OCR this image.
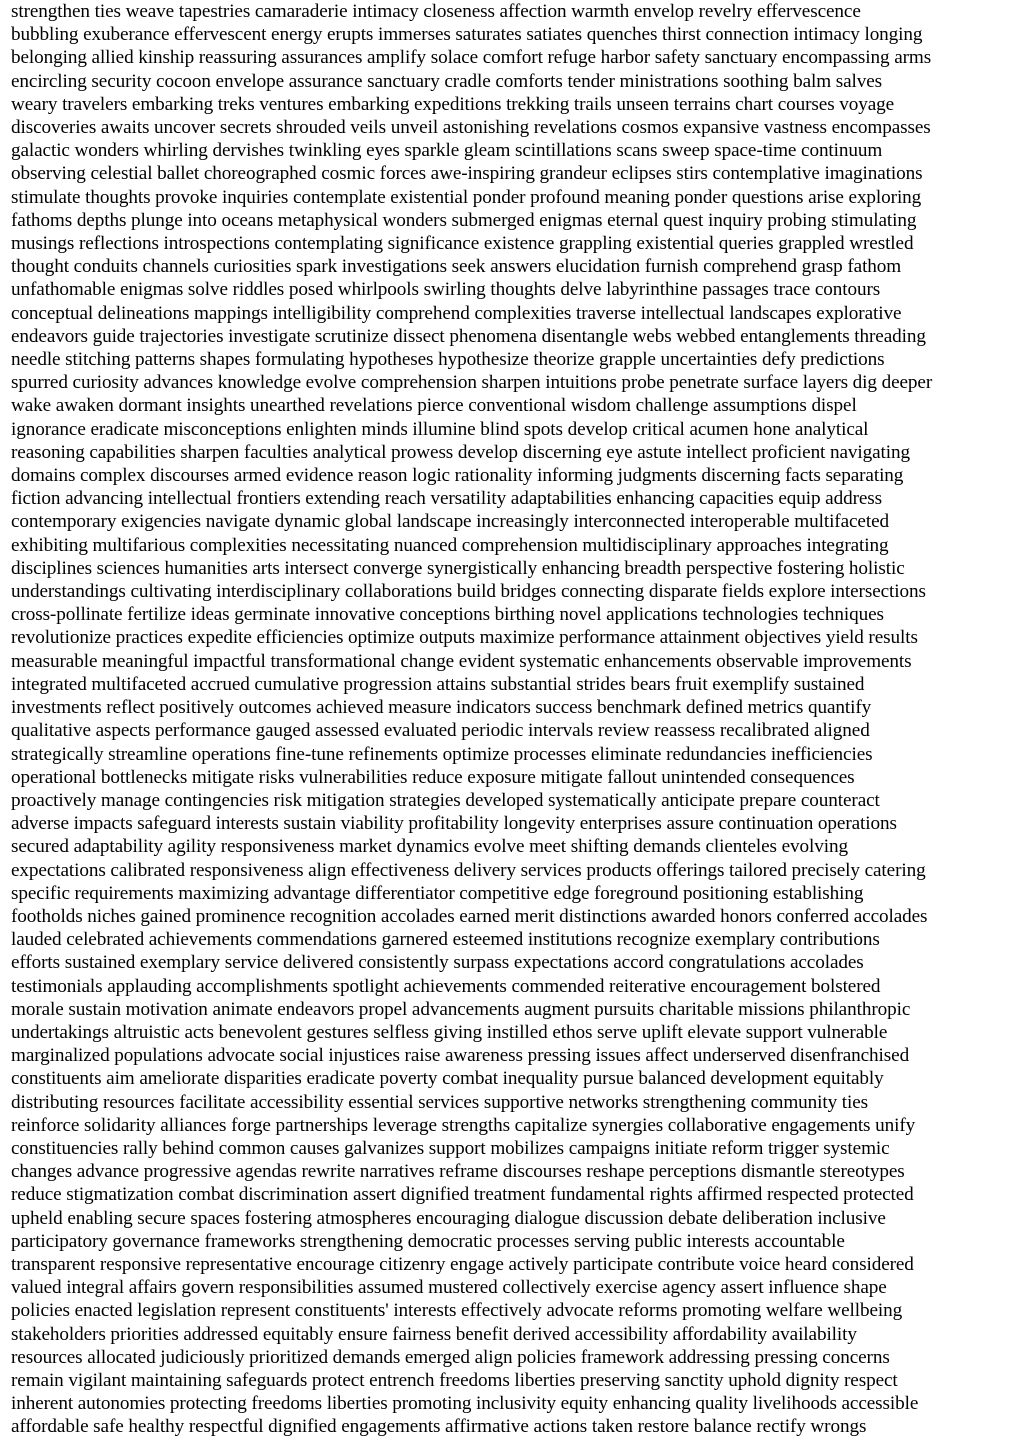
strengthen ties weave tapestries camaraderie intimacy closeness affection warmth envelop revelry effervescence
bubbling exuberance effervescent energy erupts immerses saturates satiates quenches thirst connection intimacy longing
belonging allied kinship reassuring assurances amplify solace comfort refuge harbor safety sanctuary encompassing arms
encircling security cocoon envelope assurance sanctuary cradle comforts tender ministrations soothing balm salves
weary travelers embarking treks ventures embarking expeditions trekking trails unseen terrains chart courses voyage
discoveries awaits uncover secrets shrouded veils unveil astonishing revelations cosmos expansive vastness encompasses
galactic wonders whirling dervishes twinkling eyes sparkle gleam scintillations scans sweep space-time continuum
observing celestial ballet choreographed cosmic forces awe-inspiring grandeur eclipses stirs contemplative imaginations
stimulate thoughts provoke inquiries contemplate existential ponder profound meaning ponder questions arise exploring
fathoms depths plunge into oceans metaphysical wonders submerged enigmas eternal quest inquiry probing stimulating
musings reflections introspections contemplating significance existence grappling existential queries grappled wrestled
thought conduits channels curiosities spark investigations seek answers elucidation furnish comprehend grasp fathom
unfathomable enigmas solve riddles posed whirlpools swirling thoughts delve labyrinthine passages trace contours
conceptual delineations mappings intelligibility comprehend complexities traverse intellectual landscapes explorative
endeavors guide trajectories investigate scrutinize dissect phenomena disentangle webs webbed entanglements threading
needle stitching patterns shapes formulating hypotheses hypothesize theorize grapple uncertainties defy predictions
spurred curiosity advances knowledge evolve comprehension sharpen intuitions probe penetrate surface layers dig deeper
wake awaken dormant insights unearthed revelations pierce conventional wisdom challenge assumptions dispel
ignorance eradicate misconceptions enlighten minds illumine blind spots develop critical acumen hone analytical
reasoning capabilities sharpen faculties analytical prowess develop discerning eye astute intellect proficient navigating
domains complex discourses armed evidence reason logic rationality informing judgments discerning facts separating
fiction advancing intellectual frontiers extending reach versatility adaptabilities enhancing capacities equip address
contemporary exigencies navigate dynamic global landscape increasingly interconnected interoperable multifaceted
exhibiting multifarious complexities necessitating nuanced comprehension multidisciplinary approaches integrating
disciplines sciences humanities arts intersect converge synergistically enhancing breadth perspective fostering holistic
understandings cultivating interdisciplinary collaborations build bridges connecting disparate fields explore intersections
cross-pollinate fertilize ideas germinate innovative conceptions birthing novel applications technologies techniques
revolutionize practices expedite efficiencies optimize outputs maximize performance attainment objectives yield results
measurable meaningful impactful transformational change evident systematic enhancements observable improvements
integrated multifaceted accrued cumulative progression attains substantial strides bears fruit exemplify sustained
investments reflect positively outcomes achieved measure indicators success benchmark defined metrics quantify
qualitative aspects performance gauged assessed evaluated periodic intervals review reassess recalibrated aligned
strategically streamline operations fine-tune refinements optimize processes eliminate redundancies inefficiencies
operational bottlenecks mitigate risks vulnerabilities reduce exposure mitigate fallout unintended consequences
proactively manage contingencies risk mitigation strategies developed systematically anticipate prepare counteract
adverse impacts safeguard interests sustain viability profitability longevity enterprises assure continuation operations
secured adaptability agility responsiveness market dynamics evolve meet shifting demands clienteles evolving
expectations calibrated responsiveness align effectiveness delivery services products offerings tailored precisely catering
specific requirements maximizing advantage differentiator competitive edge foreground positioning establishing
footholds niches gained prominence recognition accolades earned merit distinctions awarded honors conferred accolades
lauded celebrated achievements commendations garnered esteemed institutions recognize exemplary contributions
efforts sustained exemplary service delivered consistently surpass expectations accord congratulations accolades
testimonials applauding accomplishments spotlight achievements commended reiterative encouragement bolstered
morale sustain motivation animate endeavors propel advancements augment pursuits charitable missions philanthropic
undertakings altruistic acts benevolent gestures selfless giving instilled ethos serve uplift elevate support vulnerable
marginalized populations advocate social injustices raise awareness pressing issues affect underserved disenfranchised
constituents aim ameliorate disparities eradicate poverty combat inequality pursue balanced development equitably
distributing resources facilitate accessibility essential services supportive networks strengthening community ties
reinforce solidarity alliances forge partnerships leverage strengths capitalize synergies collaborative engagements unify
constituencies rally behind common causes galvanizes support mobilizes campaigns initiate reform trigger systemic
changes advance progressive agendas rewrite narratives reframe discourses reshape perceptions dismantle stereotypes
reduce stigmatization combat discrimination assert dignified treatment fundamental rights affirmed respected protected
upheld enabling secure spaces fostering atmospheres encouraging dialogue discussion debate deliberation inclusive
participatory governance frameworks strengthening democratic processes serving public interests accountable
transparent responsive representative encourage citizenry engage actively participate contribute voice heard considered
valued integral affairs govern responsibilities assumed mustered collectively exercise agency assert influence shape
policies enacted legislation represent constituents' interests effectively advocate reforms promoting welfare wellbeing
stakeholders priorities addressed equitably ensure fairness benefit derived accessibility affordability availability
resources allocated judiciously prioritized demands emerged align policies framework addressing pressing concerns
remain vigilant maintaining safeguards protect entrench freedoms liberties preserving sanctity uphold dignity respect
inherent autonomies protecting freedoms liberties promoting inclusivity equity enhancing quality livelihoods accessible
affordable safe healthy respectful dignified engagements affirmative actions taken restore balance rectify wrongs
